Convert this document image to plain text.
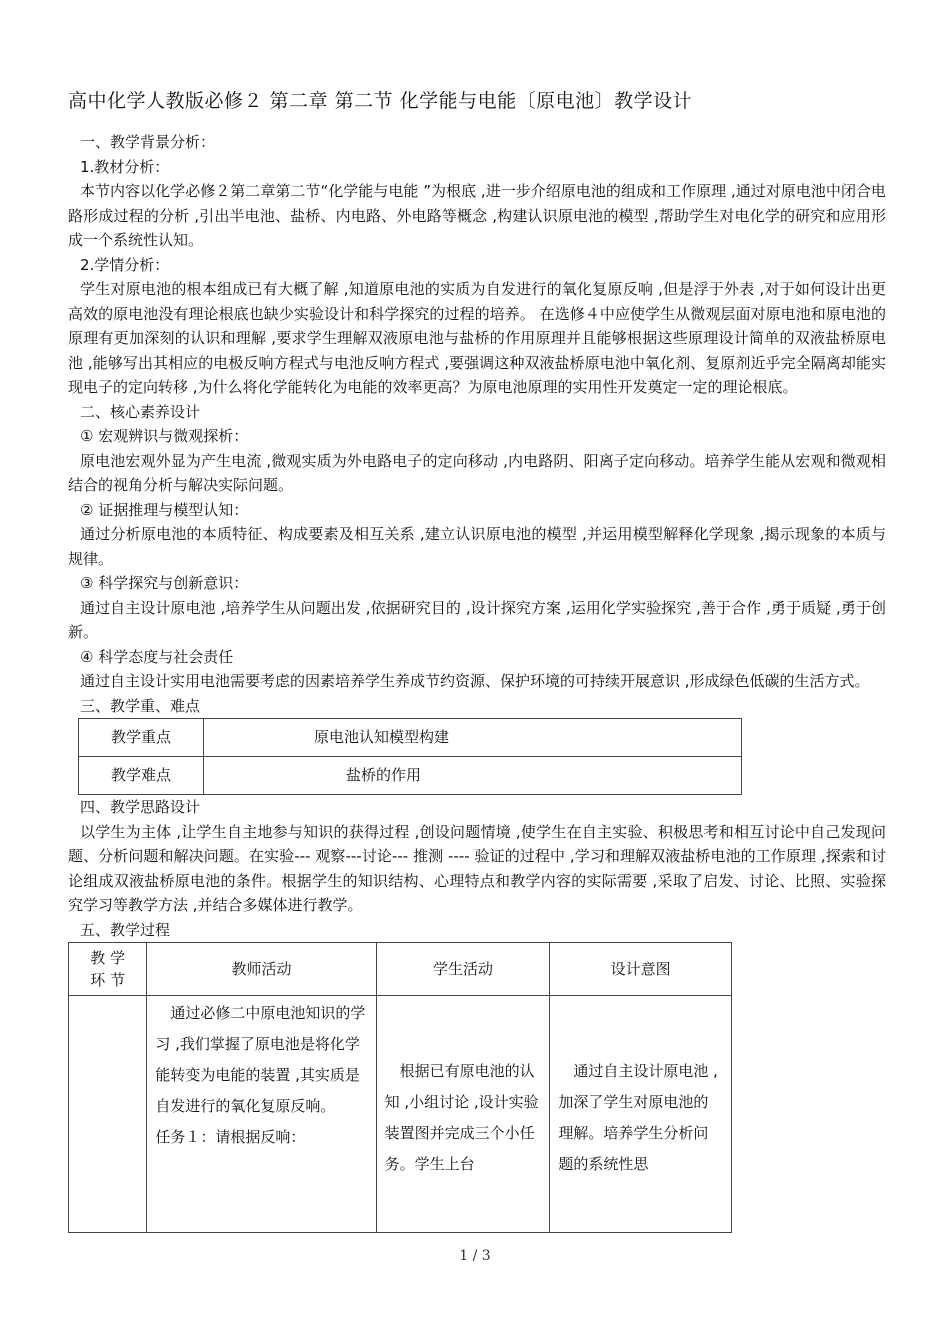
高中化学人教版必修２ 第二章 第二节 化学能与电能〔原电池〕教学设计
一、教学背景分析：
1.教材分析：
本节内容以化学必修２第二章第二节“化学能与电能 ”为根底 ,进一步介绍原电池的组成和工作原理 ,通过对原电池中闭合电路形成过程的分析 ,引出半电池、盐桥、内电路、外电路等概念 ,构建认识原电池的模型 ,帮助学生对电化学的研究和应用形成一个系统性认知。
2.学情分析：
学生对原电池的根本组成已有大概了解 ,知道原电池的实质为自发进行的氧化复原反响 ,但是浮于外表 ,对于如何设计出更高效的原电池没有理论根底也缺少实验设计和科学探究的过程的培养。 在选修４中应使学生从微观层面对原电池和原电池的原理有更加深刻的认识和理解 ,要求学生理解双液原电池与盐桥的作用原理并且能够根据这些原理设计简单的双液盐桥原电池 ,能够写出其相应的电极反响方程式与电池反响方程式 ,要强调这种双液盐桥原电池中氧化剂、复原剂近乎完全隔离却能实现电子的定向转移 ,为什么将化学能转化为电能的效率更高？为原电池原理的实用性开发奠定一定的理论根底。
二、核心素养设计
① 宏观辨识与微观探析：
原电池宏观外显为产生电流 ,微观实质为外电路电子的定向移动 ,内电路阴、阳离子定向移动。培养学生能从宏观和微观相结合的视角分析与解决实际问题。
② 证据推理与模型认知：
通过分析原电池的本质特征、构成要素及相互关系 ,建立认识原电池的模型 ,并运用模型解释化学现象 ,揭示现象的本质与规律。
③ 科学探究与创新意识：
通过自主设计原电池 ,培养学生从问题出发 ,依据研究目的 ,设计探究方案 ,运用化学实验探究 ,善于合作 ,勇于质疑 ,勇于创新。
④ 科学态度与社会责任
通过自主设计实用电池需要考虑的因素培养学生养成节约资源、保护环境的可持续开展意识 ,形成绿色低碳的生活方式。
三、教学重、难点
教学重点	原电池认知模型构建
教学难点	盐桥的作用
四、教学思路设计
以学生为主体 ,让学生自主地参与知识的获得过程 ,创设问题情境 ,使学生在自主实验、积极思考和相互讨论中自己发现问题、分析问题和解决问题。在实验--- 观察---讨论--- 推测 ---- 验证的过程中 ,学习和理解双液盐桥电池的工作原理 ,探索和讨论组成双液盐桥原电池的条件。根据学生的知识结构、心理特点和教学内容的实际需要 ,采取了启发、讨论、比照、实验探究学习等教学方法 ,并结合多媒体进行教学。
五、教学过程
教 学
环 节	教师活动	学生活动	设计意图

	通过必修二中原电池知识的学习 ,我们掌握了原电池是将化学能转变为电能的装置 ,其实质是自发进行的氧化复原反响。
任务１：请根据反响：	根据已有原电池的认知 ,小组讨论 ,设计实验装置图并完成三个小任务。学生上台	通过自主设计原电池 ,加深了学生对原电池的理解。培养学生分析问题的系统性思
1 / 3
